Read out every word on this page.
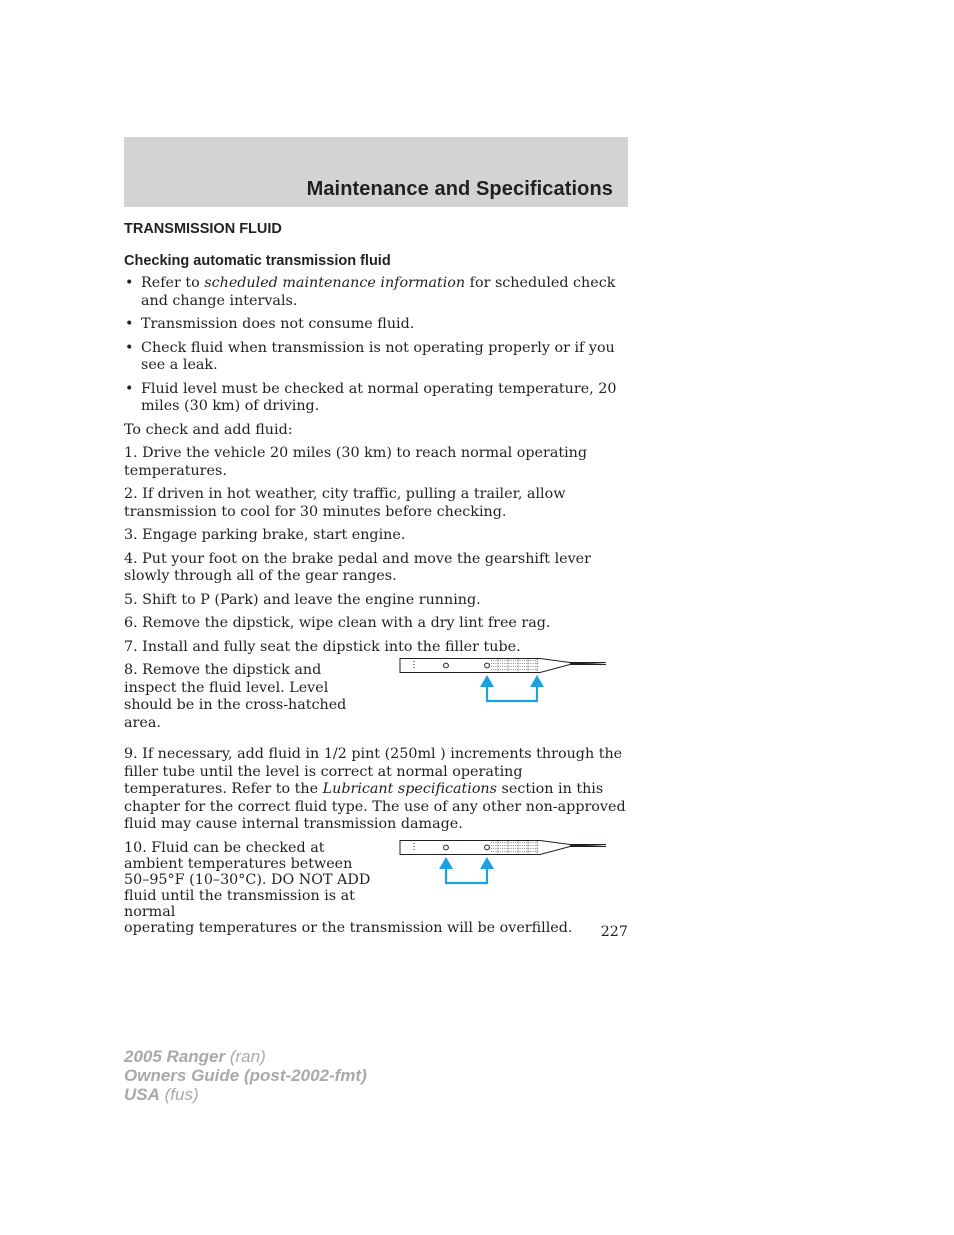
Maintenance and Specifications
TRANSMISSION FLUID
Checking automatic transmission fluid
• Refer to scheduled maintenance information for scheduled check and change intervals.
• Transmission does not consume fluid.
• Check fluid when transmission is not operating properly or if you see a leak.
• Fluid level must be checked at normal operating temperature, 20 miles (30 km) of driving.

To check and add fluid:

1. Drive the vehicle 20 miles (30 km) to reach normal operating temperatures.

2. If driven in hot weather, city traffic, pulling a trailer, allow transmission to cool for 30 minutes before checking.

3. Engage parking brake, start engine.

4. Put your foot on the brake pedal and move the gearshift lever slowly through all of the gear ranges.

5. Shift to P (Park) and leave the engine running.

6. Remove the dipstick, wipe clean with a dry lint free rag.

7. Install and fully seat the dipstick into the filler tube.

8. Remove the dipstick and inspect the fluid level. Level should be in the cross-hatched area.

9. If necessary, add fluid in 1/2 pint (250ml ) increments through the filler tube until the level is correct at normal operating temperatures. Refer to the Lubricant specifications section in this chapter for the correct fluid type. The use of any other non-approved fluid may cause internal transmission damage.

10. Fluid can be checked at ambient temperatures between 50–95°F (10–30°C). DO NOT ADD fluid until the transmission is at normal

operating temperatures or the transmission will be overfilled.	227
2005 Ranger (ran)
Owners Guide (post-2002-fmt)
USA (fus)
